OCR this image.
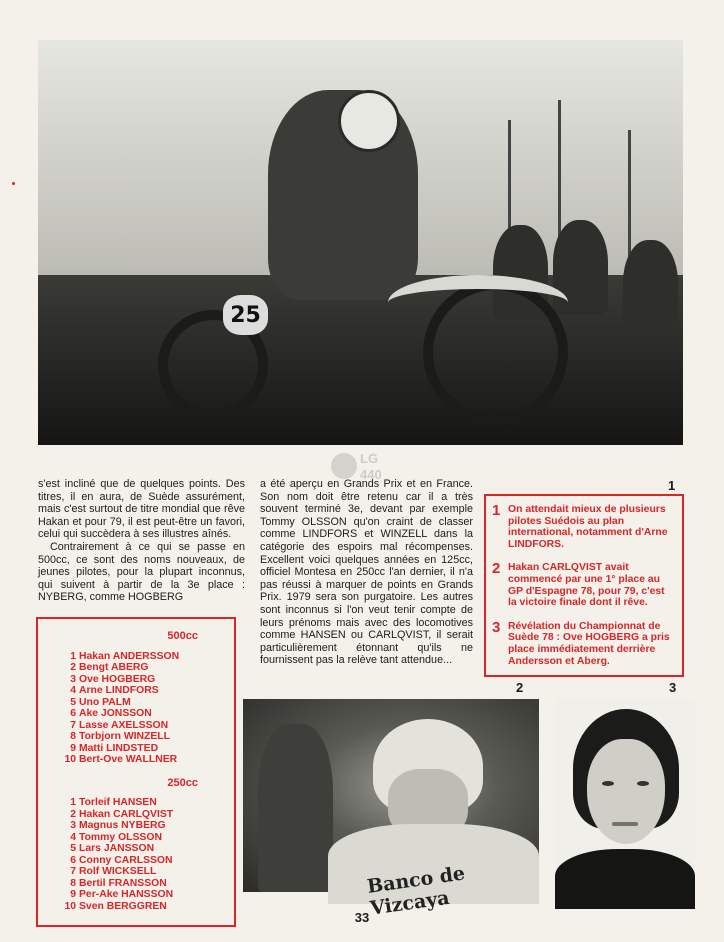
25
LG
440

s'est incliné que de quelques points. Des titres, il en aura, de Suède assurément, mais c'est surtout de titre mondial que rêve Hakan et pour 79, il est peut-être un favori, celui qui succèdera à ses illustres aînés.

Contrairement à ce qui se passe en 500cc, ce sont des noms nouveaux, de jeunes pilotes, pour la plupart inconnus, qui suivent à partir de la 3e place : NYBERG, comme HOGBERG

a été aperçu en Grands Prix et en France. Son nom doit être retenu car il a très souvent terminé 3e, devant par exemple Tommy OLSSON qu'on craint de classer comme LINDFORS et WINZELL dans la catégorie des espoirs mal récompenses. Excellent voici quelques années en 125cc, officiel Montesa en 250cc l'an dernier, il n'a pas réussi à marquer de points en Grands Prix. 1979 sera son purgatoire. Les autres sont inconnus si l'on veut tenir compte de leurs prénoms mais avec des locomotives comme HANSEN ou CARLQVIST, il serait particulièrement étonnant qu'ils ne fournissent pas la relève tant attendue...

1
2	3
1 On attendait mieux de plusieurs pilotes Suédois au plan international, notamment d'Arne LINDFORS.
2 Hakan CARLQVIST avait commencé par une 1° place au GP d'Espagne 78, pour 79, c'est la victoire finale dont il rêve.
3 Révélation du Championnat de Suède 78 : Ove HOGBERG a pris place immédiatement derrière Andersson et Aberg.
500cc
1 Hakan ANDERSSON
2 Bengt ABERG
3 Ove HOGBERG
4 Arne LINDFORS
5 Uno PALM
6 Ake JONSSON
7 Lasse AXELSSON
8 Torbjorn WINZELL
9 Matti LINDSTED
10 Bert-Ove WALLNER
250cc
1 Torleif HANSEN
2 Hakan CARLQVIST
3 Magnus NYBERG
4 Tommy OLSSON
5 Lars JANSSON
6 Conny CARLSSON
7 Rolf WICKSELL
8 Bertil FRANSSON
9 Per-Ake HANSSON
10 Sven BERGGREN
Banco de Vizcaya
33
